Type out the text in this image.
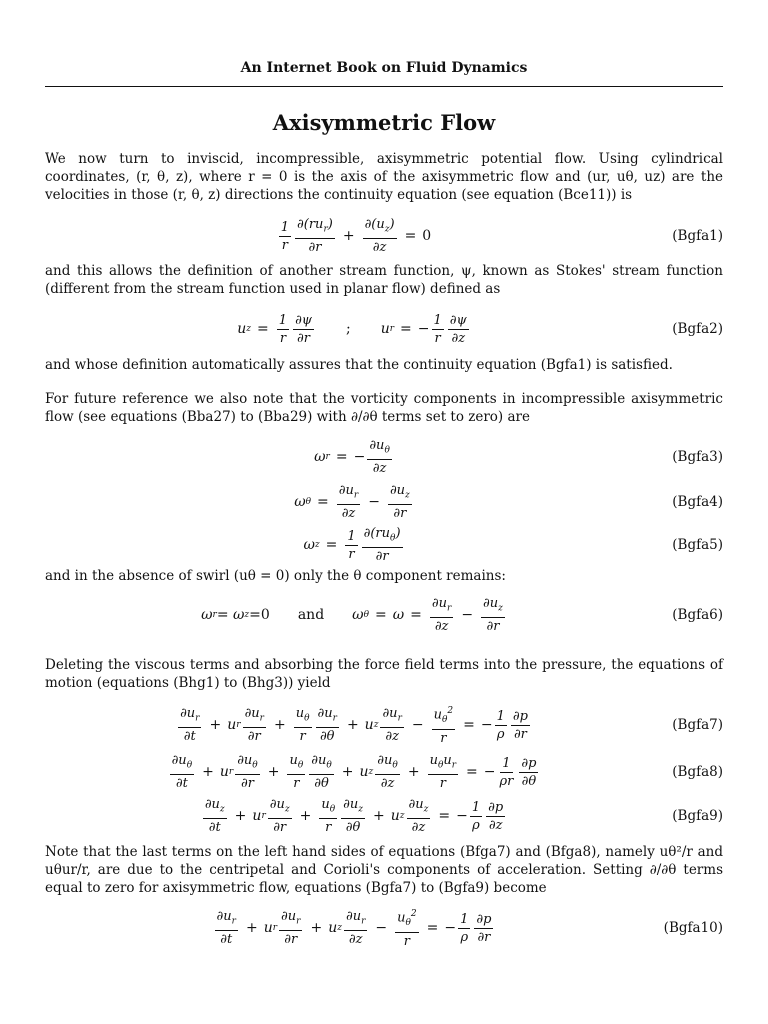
An Internet Book on Fluid Dynamics
Axisymmetric Flow
We now turn to inviscid, incompressible, axisymmetric potential flow. Using cylindrical coordinates, (r, θ, z), where r = 0 is the axis of the axisymmetric flow and (ur, uθ, uz) are the velocities in those (r, θ, z) directions the continuity equation (see equation (Bce11)) is
$\frac{1}{r} \frac{\partial(ru_r)}{\partial r} + \frac{\partial(u_z)}{\partial z} = 0$	(Bgfa1)
and this allows the definition of another stream function, ψ, known as Stokes' stream function (different from the stream function used in planar flow) defined as
u $z = \frac{1}{r} \frac{\partial\psi}{\partial r}$ ; u r = − $\frac{1}{r} \frac{\partial\psi}{\partial z}$	(Bgfa2)
and whose definition automatically assures that the continuity equation (Bgfa1) is satisfied.
For future reference we also note that the vorticity components in incompressible axisymmetric flow (see equations (Bba27) to (Bba29) with ∂/∂θ terms set to zero) are
ω r = − $\frac{\partial u_\theta}{\partial z}$	(Bgfa3)
ω $\theta = \frac{\partial u_r}{\partial z} - \frac{\partial u_z}{\partial r}$	(Bgfa4)
ω $z = \frac{1}{r} \frac{\partial(ru_\theta)}{\partial r}$	(Bgfa5)
and in the absence of swirl (uθ = 0) only the θ component remains:
ω r = ω z = 0 and ω $\theta = \omega = \frac{\partial u_r}{\partial z} - \frac{\partial u_z}{\partial r}$	(Bgfa6)
Deleting the viscous terms and absorbing the force field terms into the pressure, the equations of motion (equations (Bhg1) to (Bhg3)) yield
$\frac{\partial u_r}{\partial t} + u$ r $\frac{\partial u_r}{\partial r} + \frac{u_\theta}{r} \frac{\partial u_r}{\partial\theta} + u$ z $\frac{\partial u_r}{\partial z} - \frac{u_\theta^2}{r}$ = − $\frac{1}{\rho} \frac{\partial p}{\partial r}$	(Bgfa7)
$\frac{\partial u_\theta}{\partial t} + u$ r $\frac{\partial u_\theta}{\partial r} + \frac{u_\theta}{r} \frac{\partial u_\theta}{\partial\theta} + u$ z $\frac{\partial u_\theta}{\partial z} + \frac{u_\theta u_r}{r}$ = − $\frac{1}{\rho r} \frac{\partial p}{\partial\theta}$	(Bgfa8)
$\frac{\partial u_z}{\partial t} + u$ r $\frac{\partial u_z}{\partial r} + \frac{u_\theta}{r} \frac{\partial u_z}{\partial\theta} + u$ z $\frac{\partial u_z}{\partial z}$ = − $\frac{1}{\rho} \frac{\partial p}{\partial z}$	(Bgfa9)
Note that the last terms on the left hand sides of equations (Bfga7) and (Bfga8), namely uθ²/r and uθur/r, are due to the centripetal and Corioli's components of acceleration. Setting ∂/∂θ terms equal to zero for axisymmetric flow, equations (Bgfa7) to (Bgfa9) become
$\frac{\partial u_r}{\partial t} + u$ r $\frac{\partial u_r}{\partial r} + u$ z $\frac{\partial u_r}{\partial z} - \frac{u_\theta^2}{r}$ = − $\frac{1}{\rho} \frac{\partial p}{\partial r}$	(Bgfa10)
